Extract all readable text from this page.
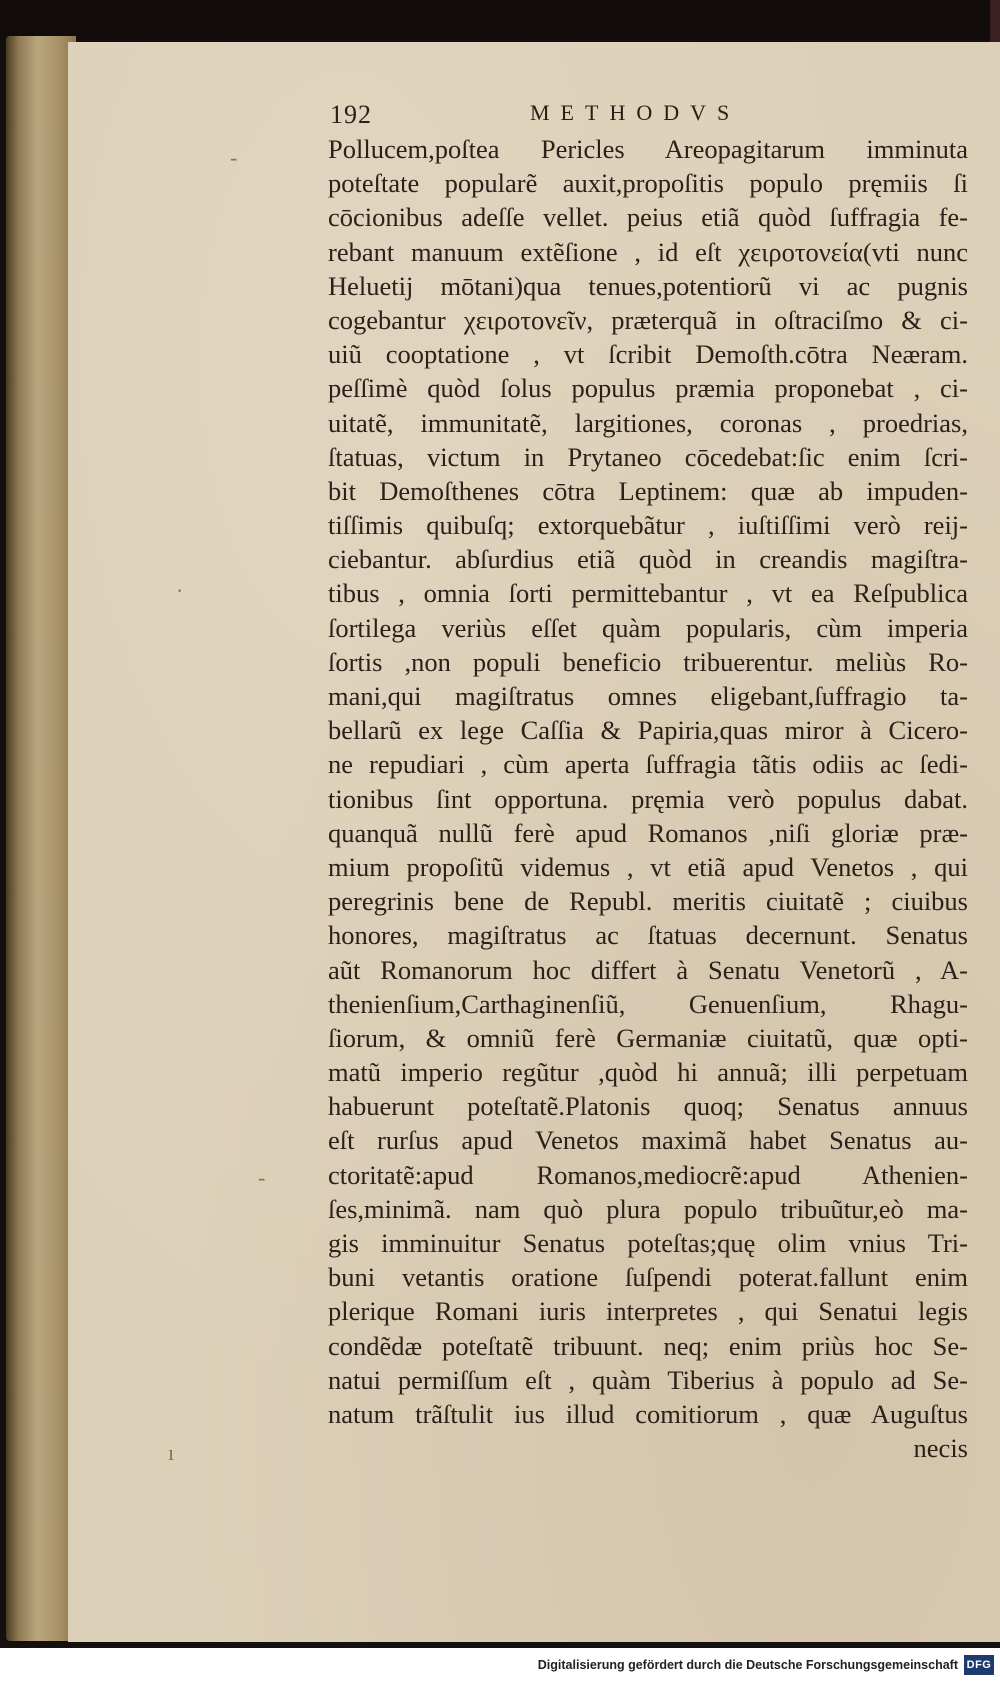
192	METHODVS
‑
‑
·
ı
Pollucem,poſtea Pericles Areopagitarum imminuta
poteſtate popularẽ auxit,propoſitis populo pręmiis ſi
cōcionibus adeſſe vellet. peius etiã quòd ſuffragia fe-
rebant manuum extẽſione , id eſt χειροτονεία(vti nunc
Heluetij mōtani)qua tenues,potentiorũ vi ac pugnis
cogebantur χειροτονεῖν, præterquã in oſtraciſmo & ci-
uiũ cooptatione , vt ſcribit Demoſth.cōtra Neæram.
peſſimè quòd ſolus populus præmia proponebat , ci-
uitatẽ, immunitatẽ, largitiones, coronas , proedrias,
ſtatuas, victum in Prytaneo cōcedebat:ſic enim ſcri-
bit Demoſthenes cōtra Leptinem: quæ ab impuden-
tiſſimis quibuſq; extorquebãtur , iuſtiſſimi verò reij-
ciebantur. abſurdius etiã quòd in creandis magiſtra-
tibus , omnia ſorti permittebantur , vt ea Reſpublica
ſortilega veriùs eſſet quàm popularis, cùm imperia
ſortis ,non populi beneficio tribuerentur. meliùs Ro-
mani,qui magiſtratus omnes eligebant,ſuffragio ta-
bellarũ ex lege Caſſia & Papiria,quas miror à Cicero-
ne repudiari , cùm aperta ſuffragia tãtis odiis ac ſedi-
tionibus ſint opportuna. pręmia verò populus dabat.
quanquã nullũ ferè apud Romanos ,niſi gloriæ præ-
mium propoſitũ videmus , vt etiã apud Venetos , qui
peregrinis bene de Republ. meritis ciuitatẽ ; ciuibus
honores, magiſtratus ac ſtatuas decernunt. Senatus
aũt Romanorum hoc differt à Senatu Venetorũ , A-
thenienſium,Carthaginenſiũ, Genuenſium, Rhagu-
ſiorum, & omniũ ferè Germaniæ ciuitatũ, quæ opti-
matũ imperio regũtur ,quòd hi annuã; illi perpetuam
habuerunt poteſtatẽ.Platonis quoq; Senatus annuus
eſt rurſus apud Venetos maximã habet Senatus au-
ctoritatẽ:apud Romanos,mediocrẽ:apud Athenien-
ſes,minimã. nam quò plura populo tribuũtur,eò ma-
gis imminuitur Senatus poteſtas;quę olim vnius Tri-
buni vetantis oratione ſuſpendi poterat.fallunt enim
plerique Romani iuris interpretes , qui Senatui legis
condẽdæ poteſtatẽ tribuunt. neq; enim priùs hoc Se-
natui permiſſum eſt , quàm Tiberius à populo ad Se-
natum trãſtulit ius illud comitiorum , quæ Auguſtus
necis
Digitalisierung gefördert durch die Deutsche Forschungsgemeinschaft DFG
